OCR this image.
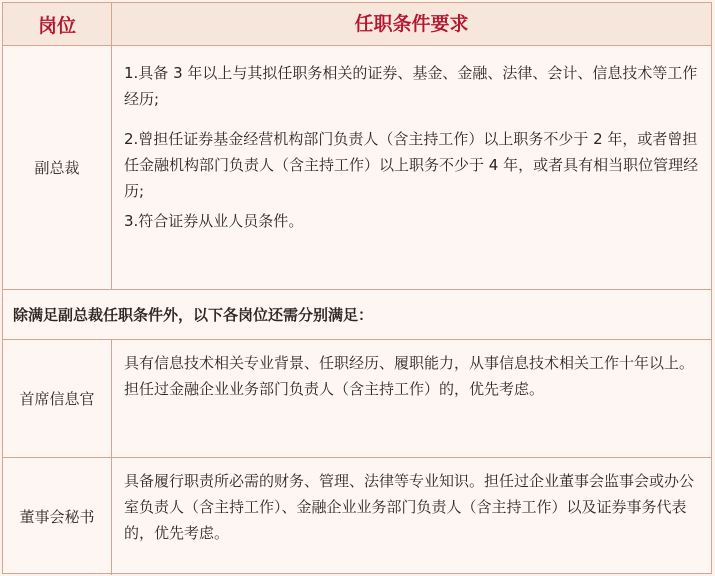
岗位	任职条件要求
副总裁

1.具备 3 年以上与其拟任职务相关的证券、基金、金融、法律、会计、信息技术等工作经历;

2.曾担任证券基金经营机构部门负责人（含主持工作）以上职务不少于 2 年，或者曾担任金融机构部门负责人（含主持工作）以上职务不少于 4 年，或者具有相当职位管理经历;

3.符合证券从业人员条件。

除满足副总裁任职条件外，以下各岗位还需分别满足：
首席信息官
具有信息技术相关专业背景、任职经历、履职能力，从事信息技术相关工作十年以上。担任过金融企业业务部门负责人（含主持工作）的，优先考虑。
董事会秘书
具备履行职责所必需的财务、管理、法律等专业知识。担任过企业董事会监事会或办公室负责人（含主持工作）、金融企业业务部门负责人（含主持工作）以及证券事务代表的，优先考虑。
